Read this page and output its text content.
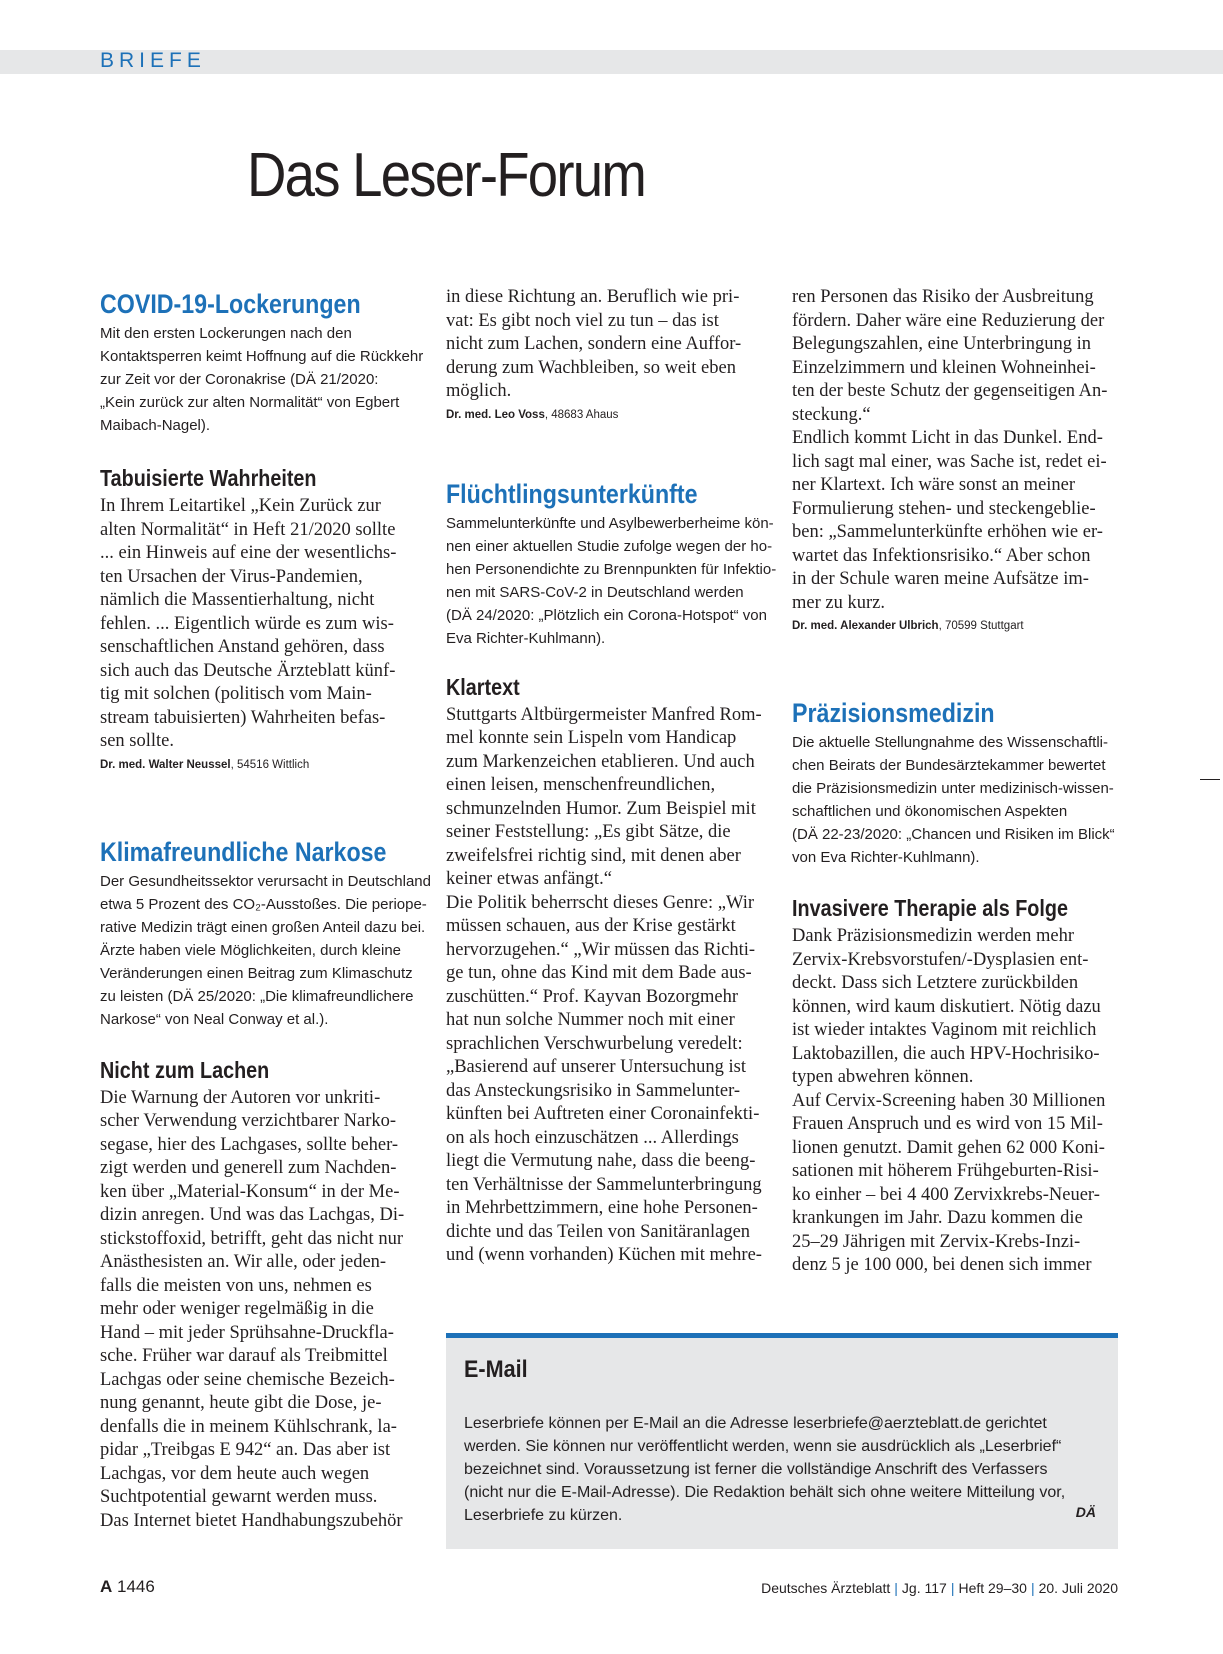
BRIEFE
Das Leser-Forum
COVID-19-Lockerungen
Mit den ersten Lockerungen nach den
Kontaktsperren keimt Hoffnung auf die Rückkehr
zur Zeit vor der Coronakrise (DÄ 21/2020:
„Kein zurück zur alten Normalität“ von Egbert
Maibach-Nagel).
Tabuisierte Wahrheiten
In Ihrem Leitartikel „Kein Zurück zur
alten Normalität“ in Heft 21/2020 sollte
... ein Hinweis auf eine der wesentlichs-
ten Ursachen der Virus-Pandemien,
nämlich die Massentierhaltung, nicht
fehlen. ... Eigentlich würde es zum wis-
senschaftlichen Anstand gehören, dass
sich auch das Deutsche Ärzteblatt künf-
tig mit solchen (politisch vom Main-
stream tabuisierten) Wahrheiten befas-
sen sollte.
Dr. med. Walter Neussel, 54516 Wittlich
Klimafreundliche Narkose
Der Gesundheitssektor verursacht in Deutschland
etwa 5 Prozent des CO₂-Ausstoßes. Die periope-
rative Medizin trägt einen großen Anteil dazu bei.
Ärzte haben viele Möglichkeiten, durch kleine
Veränderungen einen Beitrag zum Klimaschutz
zu leisten (DÄ 25/2020: „Die klimafreundlichere
Narkose“ von Neal Conway et al.).
Nicht zum Lachen
Die Warnung der Autoren vor unkriti-
scher Verwendung verzichtbarer Narko-
segase, hier des Lachgases, sollte beher-
zigt werden und generell zum Nachden-
ken über „Material-Konsum“ in der Me-
dizin anregen. Und was das Lachgas, Di-
stickstoffoxid, betrifft, geht das nicht nur
Anästhesisten an. Wir alle, oder jeden-
falls die meisten von uns, nehmen es
mehr oder weniger regelmäßig in die
Hand – mit jeder Sprühsahne-Druckfla-
sche. Früher war darauf als Treibmittel
Lachgas oder seine chemische Bezeich-
nung genannt, heute gibt die Dose, je-
denfalls die in meinem Kühlschrank, la-
pidar „Treibgas E 942“ an. Das aber ist
Lachgas, vor dem heute auch wegen
Suchtpotential gewarnt werden muss.
Das Internet bietet Handhabungszubehör
in diese Richtung an. Beruflich wie pri-
vat: Es gibt noch viel zu tun – das ist
nicht zum Lachen, sondern eine Auffor-
derung zum Wachbleiben, so weit eben
möglich.
Dr. med. Leo Voss, 48683 Ahaus
Flüchtlingsunterkünfte
Sammelunterkünfte und Asylbewerberheime kön-
nen einer aktuellen Studie zufolge wegen der ho-
hen Personendichte zu Brennpunkten für Infektio-
nen mit SARS-CoV-2 in Deutschland werden
(DÄ 24/2020: „Plötzlich ein Corona-Hotspot“ von
Eva Richter-Kuhlmann).
Klartext
Stuttgarts Altbürgermeister Manfred Rom-
mel konnte sein Lispeln vom Handicap
zum Markenzeichen etablieren. Und auch
einen leisen, menschenfreundlichen,
schmunzelnden Humor. Zum Beispiel mit
seiner Feststellung: „Es gibt Sätze, die
zweifelsfrei richtig sind, mit denen aber
keiner etwas anfängt.“
Die Politik beherrscht dieses Genre: „Wir
müssen schauen, aus der Krise gestärkt
hervorzugehen.“ „Wir müssen das Richti-
ge tun, ohne das Kind mit dem Bade aus-
zuschütten.“ Prof. Kayvan Bozorgmehr
hat nun solche Nummer noch mit einer
sprachlichen Verschwurbelung veredelt:
„Basierend auf unserer Untersuchung ist
das Ansteckungsrisiko in Sammelunter-
künften bei Auftreten einer Coronainfekti-
on als hoch einzuschätzen ... Allerdings
liegt die Vermutung nahe, dass die beeng-
ten Verhältnisse der Sammelunterbringung
in Mehrbettzimmern, eine hohe Personen-
dichte und das Teilen von Sanitäranlagen
und (wenn vorhanden) Küchen mit mehre-
ren Personen das Risiko der Ausbreitung
fördern. Daher wäre eine Reduzierung der
Belegungszahlen, eine Unterbringung in
Einzelzimmern und kleinen Wohneinhei-
ten der beste Schutz der gegenseitigen An-
steckung.“
Endlich kommt Licht in das Dunkel. End-
lich sagt mal einer, was Sache ist, redet ei-
ner Klartext. Ich wäre sonst an meiner
Formulierung stehen- und steckengeblie-
ben: „Sammelunterkünfte erhöhen wie er-
wartet das Infektionsrisiko.“ Aber schon
in der Schule waren meine Aufsätze im-
mer zu kurz.
Dr. med. Alexander Ulbrich, 70599 Stuttgart
Präzisionsmedizin
Die aktuelle Stellungnahme des Wissenschaftli-
chen Beirats der Bundesärztekammer bewertet
die Präzisionsmedizin unter medizinisch-wissen-
schaftlichen und ökonomischen Aspekten
(DÄ 22-23/2020: „Chancen und Risiken im Blick“
von Eva Richter-Kuhlmann).
Invasivere Therapie als Folge
Dank Präzisionsmedizin werden mehr
Zervix-Krebsvorstufen/-Dysplasien ent-
deckt. Dass sich Letztere zurückbilden
können, wird kaum diskutiert. Nötig dazu
ist wieder intaktes Vaginom mit reichlich
Laktobazillen, die auch HPV-Hochrisiko-
typen abwehren können.
Auf Cervix-Screening haben 30 Millionen
Frauen Anspruch und es wird von 15 Mil-
lionen genutzt. Damit gehen 62 000 Koni-
sationen mit höherem Frühgeburten-Risi-
ko einher – bei 4 400 Zervixkrebs-Neuer-
krankungen im Jahr. Dazu kommen die
25–29 Jährigen mit Zervix-Krebs-Inzi-
denz 5 je 100 000, bei denen sich immer
E-Mail
Leserbriefe können per E-Mail an die Adresse leserbriefe@aerzteblatt.de gerichtet
werden. Sie können nur veröffentlicht werden, wenn sie ausdrücklich als „Leserbrief“
bezeichnet sind. Voraussetzung ist ferner die vollständige Anschrift des Verfassers
(nicht nur die E-Mail-Adresse). Die Redaktion behält sich ohne weitere Mitteilung vor,
Leserbriefe zu kürzen.	DÄ
A 1446	Deutsches Ärzteblatt | Jg. 117 | Heft 29–30 | 20. Juli 2020
